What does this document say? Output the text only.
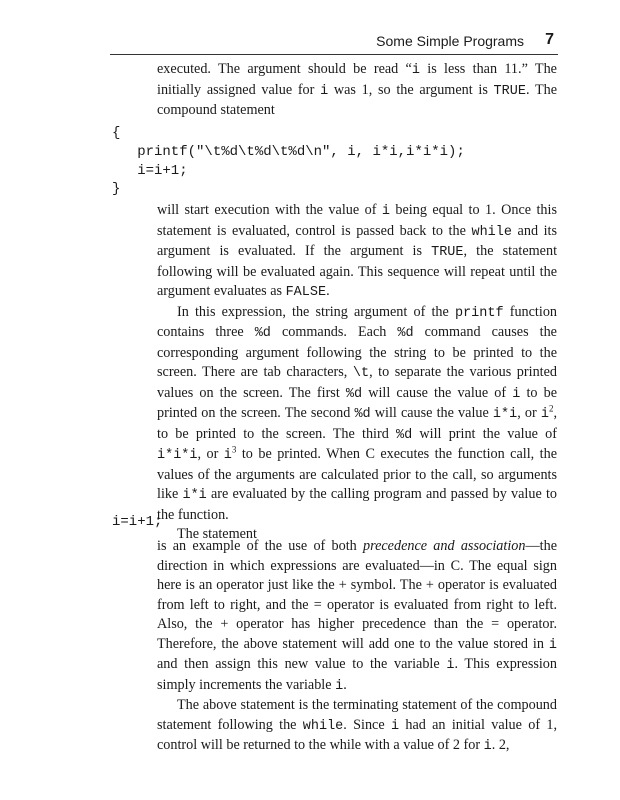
Some Simple Programs 7

executed. The argument should be read “i is less than 11.” The initially assigned value for i was 1, so the argument is TRUE. The compound statement

{
printf("\t%d\t%d\t%d\n", i, i*i,i*i*i);
i=i+1;
}

will start execution with the value of i being equal to 1. Once this statement is evaluated, control is passed back to the while and its argument is evaluated. If the argument is TRUE, the statement following will be evaluated again. This sequence will repeat until the argument evaluates as FALSE.

In this expression, the string argument of the printf function contains three %d commands. Each %d command causes the corresponding argument following the string to be printed to the screen. There are tab characters, \t, to separate the various printed values on the screen. The first %d will cause the value of i to be printed on the screen. The second %d will cause the value i*i, or $i^2$, to be printed to the screen. The third %d will print the value of i*i*i, or $i^3$ to be printed. When C executes the function call, the values of the arguments are calculated prior to the call, so arguments like i*i are evaluated by the calling program and passed by value to the function.

The statement

i=i+1;

is an example of the use of both precedence and association—the direction in which expressions are evaluated—in C. The equal sign here is an operator just like the + symbol. The + operator is evaluated from left to right, and the = operator is evaluated from right to left. Also, the + operator has higher precedence than the = operator. Therefore, the above statement will add one to the value stored in i and then assign this new value to the variable i. This expression simply increments the variable i.

The above statement is the terminating statement of the compound statement following the while. Since i had an initial value of 1, control will be returned to the while with a value of 2 for i. 2,
